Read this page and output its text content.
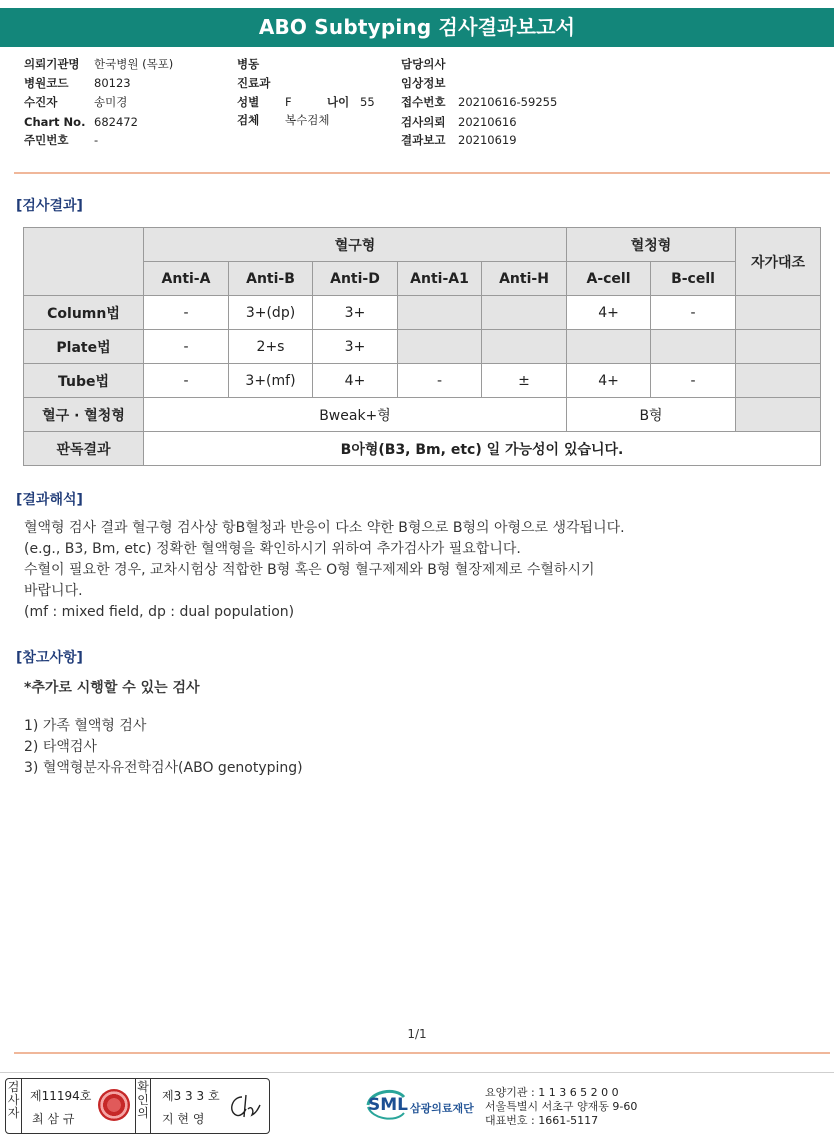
ABO Subtyping 검사결과보고서
의뢰기관명 한국병원 (목포)
병원코드 80123
수진자	송미경
Chart No. 682472
주민번호 -
병동
진료과
성별 F	나이 55
검체 복수검체
담당의사
임상정보
접수번호 20210616-59255
검사의뢰 20210616
결과보고 20210619
[검사결과]
	혈구형					혈청형		자가대조
	Anti-A	Anti-B	Anti-D	Anti-A1	Anti-H	A-cell	B-cell	
Column법	-	3+(dp)	3+			4+	-	
Plate법	-	2+s	3+					
Tube법	-	3+(mf)	4+	-	±	4+	-	
혈구 · 혈청형	Bweak+형					B형		
판독결과	B아형(B3, Bm, etc) 일 가능성이 있습니다.							
[결과해석]

혈액형 검사 결과 혈구형 검사상 항B혈청과 반응이 다소 약한 B형으로 B형의 아형으로 생각됩니다.

(e.g., B3, Bm, etc) 정확한 혈액형을 확인하시기 위하여 추가검사가 필요합니다.

수혈이 필요한 경우, 교차시험상 적합한 B형 혹은 O형 혈구제제와 B형 혈장제제로 수혈하시기

바랍니다.

(mf : mixed field, dp : dual population)

[참고사항]
*추가로 시행할 수 있는 검사
1) 가족 혈액형 검사
2) 타액검사
3) 혈액형분자유전학검사(ABO genotyping)
1/1
검사자
제11194호
최 삼 규
확인의
제3 3 3 호
지 현 영
SML 삼광의료재단
요양기관 : 1 1 3 6 5 2 0 0
서울특별시 서초구 양재동 9-60
대표번호 : 1661-5117
